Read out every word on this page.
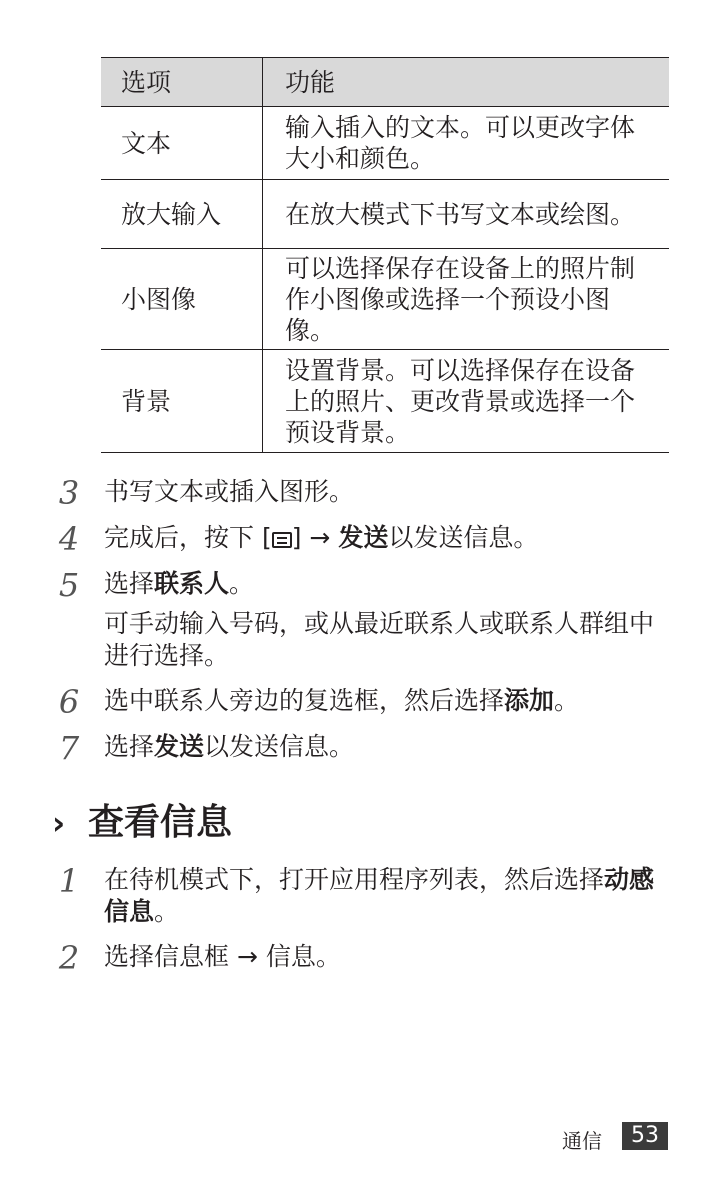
选项	功能
文本	输入插入的文本。可以更改字体大小和颜色。
放大输入	在放大模式下书写文本或绘图。
小图像	可以选择保存在设备上的照片制作小图像或选择一个预设小图像。
背景	设置背景。可以选择保存在设备上的照片、更改背景或选择一个预设背景。
3 书写文本或插入图形。
4 完成后，按下 [ ] → 发送以发送信息。
5 选择联系人。
可手动输入号码，或从最近联系人或联系人群组中进行选择。
6 选中联系人旁边的复选框，然后选择添加。
7 选择发送以发送信息。
› 查看信息
1 在待机模式下，打开应用程序列表，然后选择动感信息。
2 选择信息框 → 信息。
通信	53
